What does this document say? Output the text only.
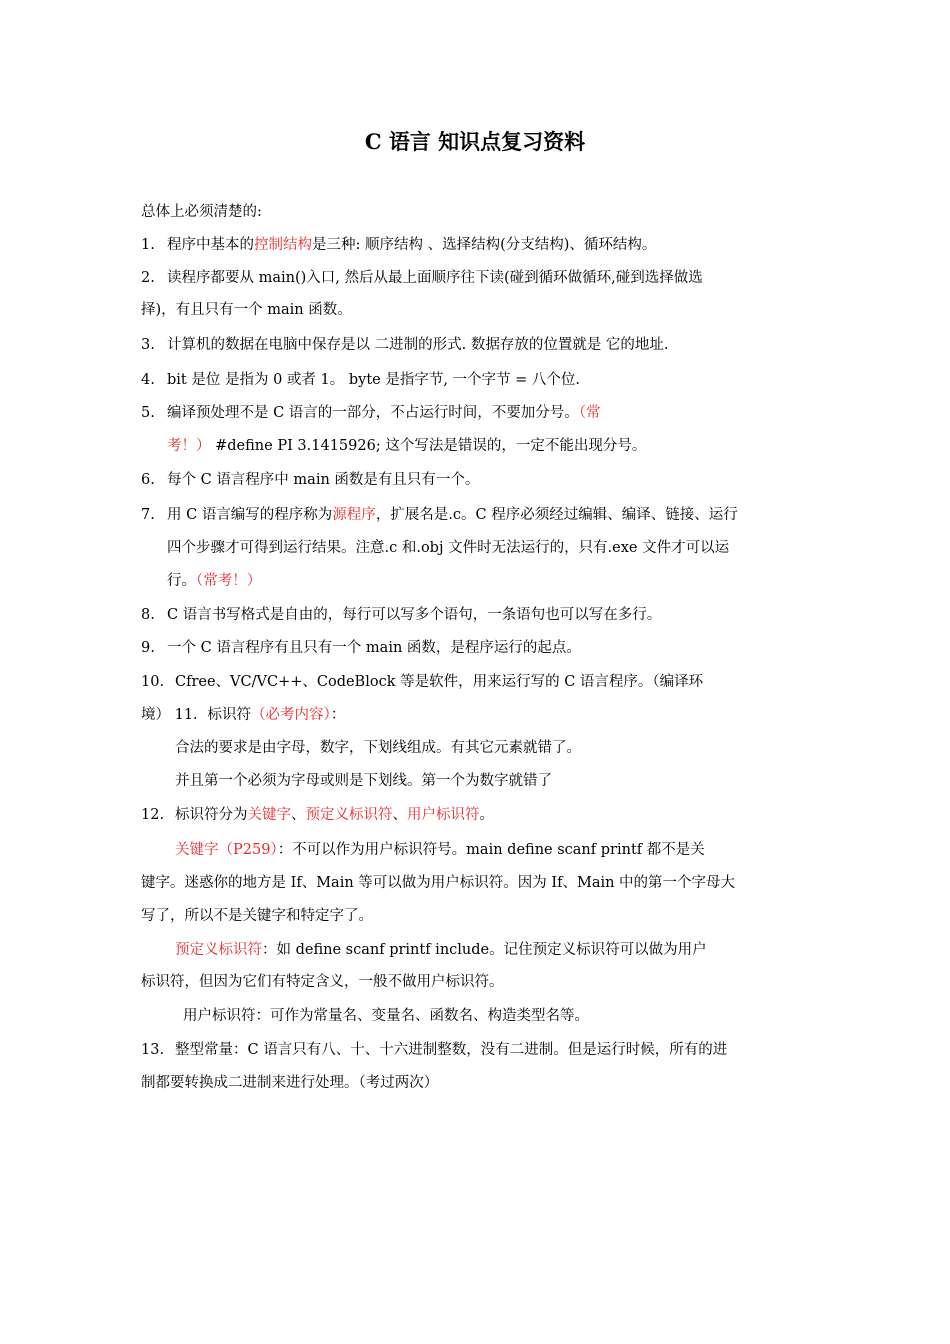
C 语言 知识点复习资料
总体上必须清楚的:
1. 程序中基本的控制结构是三种: 顺序结构 、选择结构(分支结构)、循环结构。
2. 读程序都要从 main()入口, 然后从最上面顺序往下读(碰到循环做循环,碰到选择做选
择)，有且只有一个 main 函数。
3. 计算机的数据在电脑中保存是以 二进制的形式. 数据存放的位置就是 它的地址.
4. bit 是位 是指为 0 或者 1。 byte 是指字节, 一个字节 = 八个位.
5. 编译预处理不是 C 语言的一部分，不占运行时间，不要加分号。（常
考！） #define PI 3.1415926; 这个写法是错误的，一定不能出现分号。
6. 每个 C 语言程序中 main 函数是有且只有一个。
7. 用 C 语言编写的程序称为源程序，扩展名是.c。C 程序必须经过编辑、编译、链接、运行
四个步骤才可得到运行结果。注意.c 和.obj 文件时无法运行的，只有.exe 文件才可以运
行。（常考！）
8. C 语言书写格式是自由的，每行可以写多个语句，一条语句也可以写在多行。
9. 一个 C 语言程序有且只有一个 main 函数，是程序运行的起点。
10. Cfree、VC/VC++、CodeBlock 等是软件，用来运行写的 C 语言程序。（编译环
境） 11．标识符（必考内容）：
合法的要求是由字母，数字，下划线组成。有其它元素就错了。
并且第一个必须为字母或则是下划线。第一个为数字就错了
12. 标识符分为关键字、预定义标识符、用户标识符。
关键字（P259）：不可以作为用户标识符号。main define scanf printf 都不是关
键字。迷惑你的地方是 If、Main 等可以做为用户标识符。因为 If、Main 中的第一个字母大
写了，所以不是关键字和特定字了。
预定义标识符：如 define scanf printf include。记住预定义标识符可以做为用户
标识符，但因为它们有特定含义，一般不做用户标识符。
用户标识符：可作为常量名、变量名、函数名、构造类型名等。
13. 整型常量：C 语言只有八、十、十六进制整数，没有二进制。但是运行时候，所有的进
制都要转换成二进制来进行处理。（考过两次）
